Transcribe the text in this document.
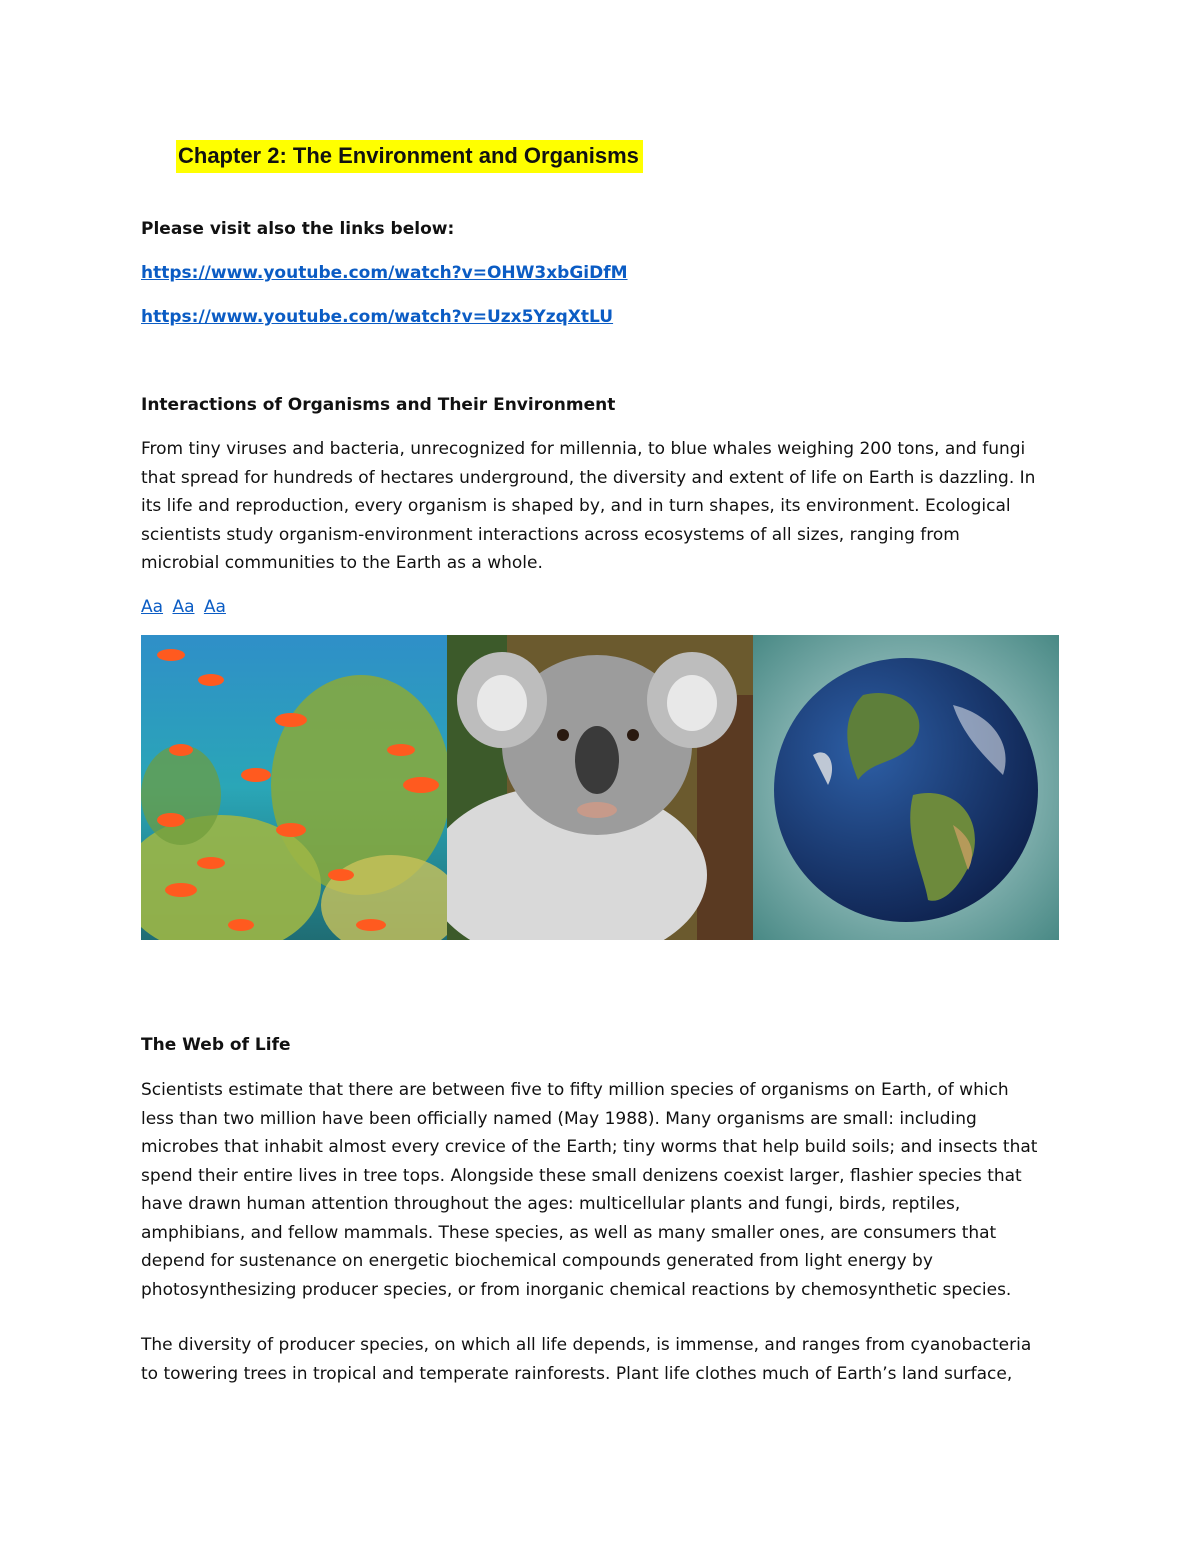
Chapter 2: The Environment and Organisms
Please visit also the links below:
https://www.youtube.com/watch?v=OHW3xbGiDfM
https://www.youtube.com/watch?v=Uzx5YzqXtLU
Interactions of Organisms and Their Environment
From tiny viruses and bacteria, unrecognized for millennia, to blue whales weighing 200 tons, and fungi
that spread for hundreds of hectares underground, the diversity and extent of life on Earth is dazzling. In
its life and reproduction, every organism is shaped by, and in turn shapes, its environment. Ecological
scientists study organism-environment interactions across ecosystems of all sizes, ranging from
microbial communities to the Earth as a whole.
Aa Aa Aa
The Web of Life
Scientists estimate that there are between five to fifty million species of organisms on Earth, of which
less than two million have been officially named (May 1988). Many organisms are small: including
microbes that inhabit almost every crevice of the Earth; tiny worms that help build soils; and insects that
spend their entire lives in tree tops. Alongside these small denizens coexist larger, flashier species that
have drawn human attention throughout the ages: multicellular plants and fungi, birds, reptiles,
amphibians, and fellow mammals. These species, as well as many smaller ones, are consumers that
depend for sustenance on energetic biochemical compounds generated from light energy by
photosynthesizing producer species, or from inorganic chemical reactions by chemosynthetic species.
The diversity of producer species, on which all life depends, is immense, and ranges from cyanobacteria
to towering trees in tropical and temperate rainforests. Plant life clothes much of Earth’s land surface,
